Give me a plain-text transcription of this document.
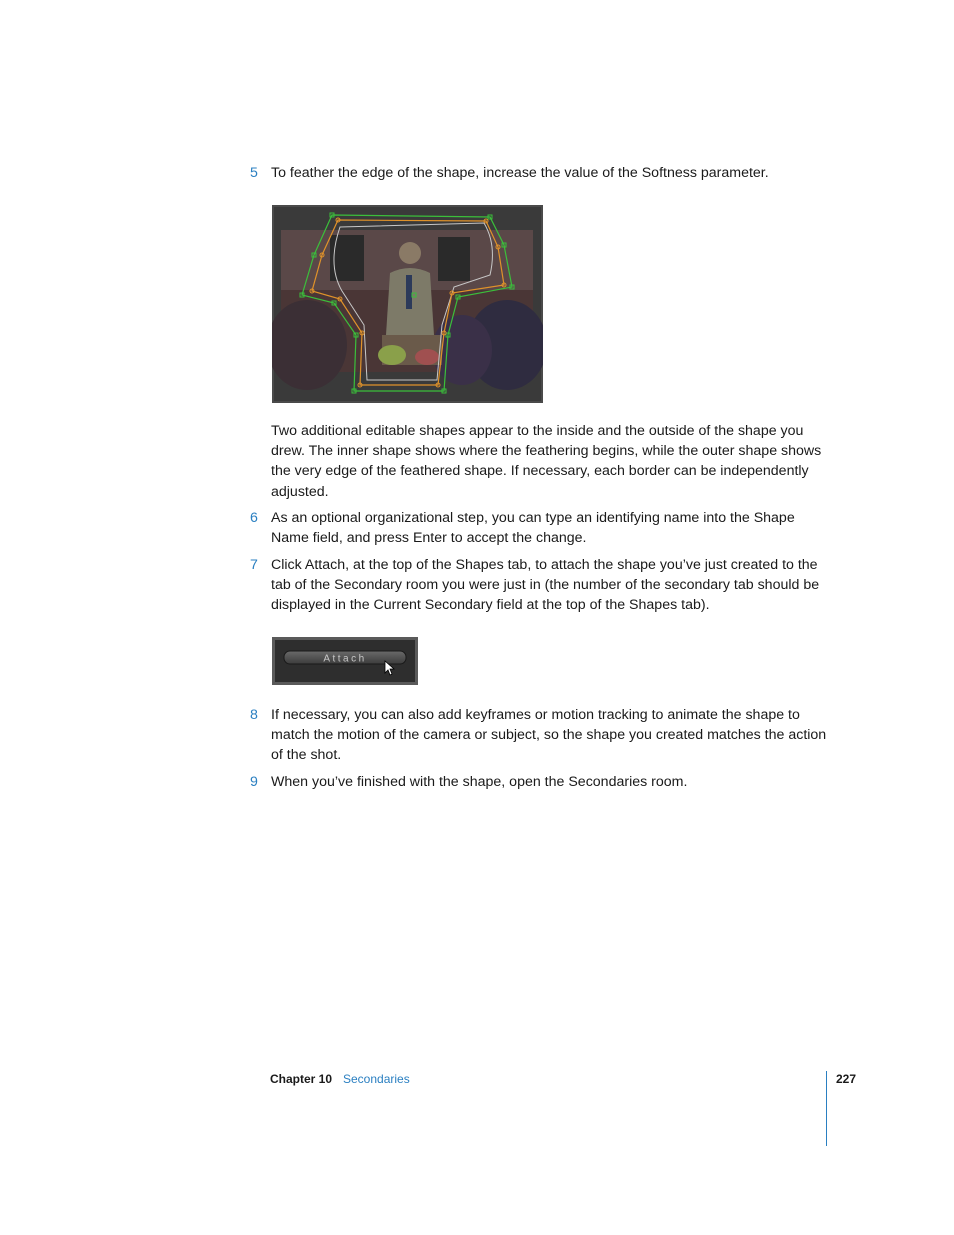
5 To feather the edge of the shape, increase the value of the Softness parameter.
Two additional editable shapes appear to the inside and the outside of the shape you drew. The inner shape shows where the feathering begins, while the outer shape shows the very edge of the feathered shape. If necessary, each border can be independently adjusted.
6 As an optional organizational step, you can type an identifying name into the Shape Name field, and press Enter to accept the change.
7 Click Attach, at the top of the Shapes tab, to attach the shape you’ve just created to the tab of the Secondary room you were just in (the number of the secondary tab should be displayed in the Current Secondary field at the top of the Shapes tab).
Attach
8 If necessary, you can also add keyframes or motion tracking to animate the shape to match the motion of the camera or subject, so the shape you created matches the action of the shot.
9 When you’ve finished with the shape, open the Secondaries room.
Chapter 10 Secondaries	227
